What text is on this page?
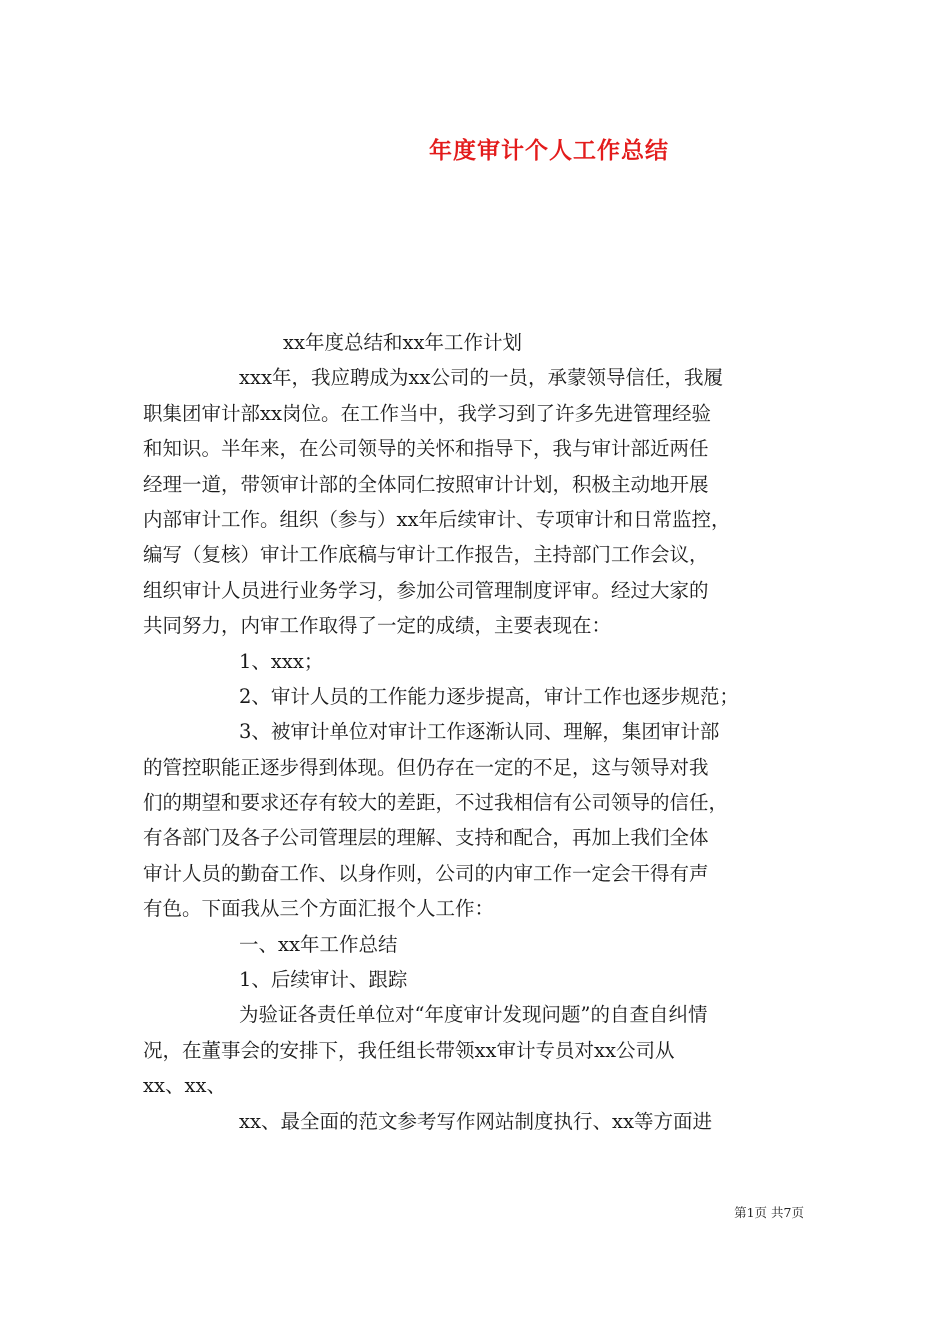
年度审计个人工作总结
xx年度总结和xx年工作计划
xxx年，我应聘成为xx公司的一员，承蒙领导信任，我履
职集团审计部xx岗位。在工作当中，我学习到了许多先进管理经验
和知识。半年来，在公司领导的关怀和指导下，我与审计部近两任
经理一道，带领审计部的全体同仁按照审计计划，积极主动地开展
内部审计工作。组织（参与）xx年后续审计、专项审计和日常监控，
编写（复核）审计工作底稿与审计工作报告，主持部门工作会议，
组织审计人员进行业务学习，参加公司管理制度评审。经过大家的
共同努力，内审工作取得了一定的成绩，主要表现在：
1、xxx；
2、审计人员的工作能力逐步提高，审计工作也逐步规范；
3、被审计单位对审计工作逐渐认同、理解，集团审计部
的管控职能正逐步得到体现。但仍存在一定的不足，这与领导对我
们的期望和要求还存有较大的差距，不过我相信有公司领导的信任，
有各部门及各子公司管理层的理解、支持和配合，再加上我们全体
审计人员的勤奋工作、以身作则，公司的内审工作一定会干得有声
有色。下面我从三个方面汇报个人工作：
一、xx年工作总结
1、后续审计、跟踪
为验证各责任单位对“年度审计发现问题”的自查自纠情
况，在董事会的安排下，我任组长带领xx审计专员对xx公司从
xx、xx、
xx、最全面的范文参考写作网站制度执行、xx等方面进
第1页 共7页
